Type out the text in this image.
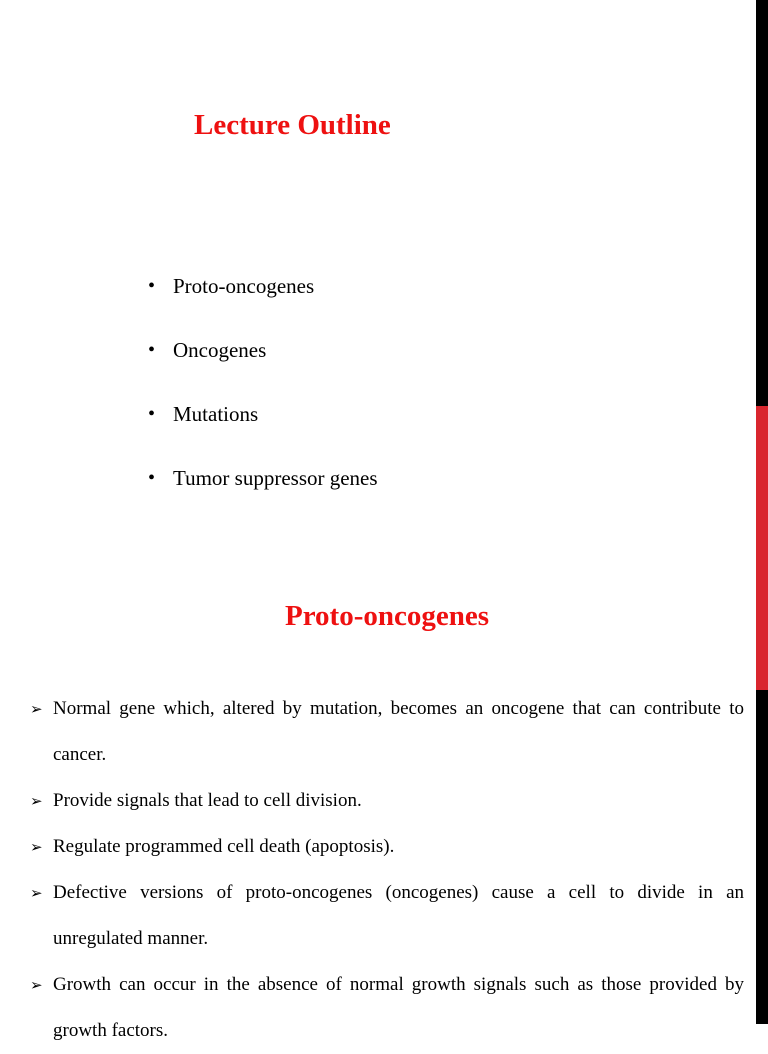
Lecture Outline
• Proto-oncogenes
• Oncogenes
• Mutations
• Tumor suppressor genes
Proto-oncogenes
➢ Normal gene which, altered by mutation, becomes an oncogene that can contribute to cancer.
➢ Provide signals that lead to cell division.
➢ Regulate programmed cell death (apoptosis).
➢ Defective versions of proto-oncogenes (oncogenes) cause a cell to divide in an unregulated manner.
➢ Growth can occur in the absence of normal growth signals such as those provided by growth factors.
